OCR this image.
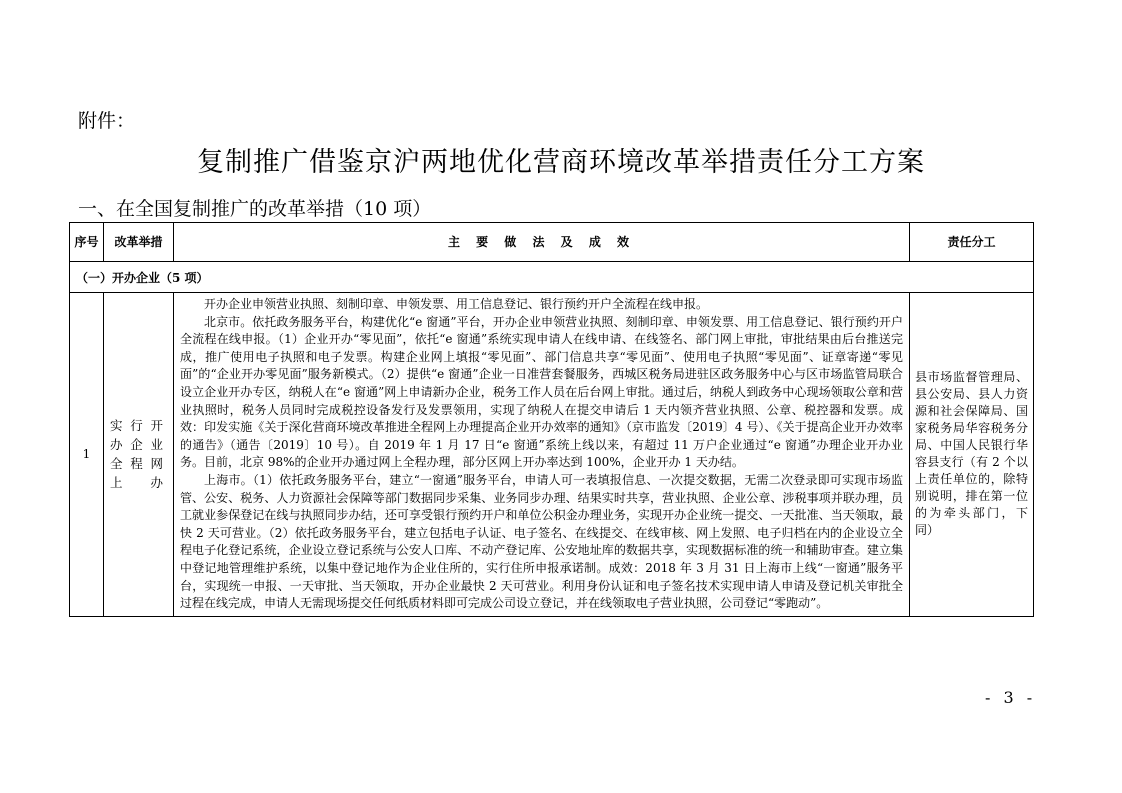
附件：
复制推广借鉴京沪两地优化营商环境改革举措责任分工方案
一、在全国复制推广的改革举措（10 项）
序号	改革举措	主 要 做 法 及 成 效	责任分工
（一）开办企业（5 项）			
1	实行开办企业全程网上办	开办企业申领营业执照、刻制印章、申领发票、用工信息登记、银行预约开户全流程在线申报。

北京市。依托政务服务平台，构建优化“e 窗通”平台，开办企业申领营业执照、刻制印章、申领发票、用工信息登记、银行预约开户全流程在线申报。（1）企业开办“零见面”，依托“e 窗通”系统实现申请人在线申请、在线签名、部门网上审批，审批结果由后台推送完成，推广使用电子执照和电子发票。构建企业网上填报“零见面”、部门信息共享“零见面”、使用电子执照“零见面”、证章寄递“零见面”的“企业开办零见面”服务新模式。（2）提供“e 窗通”企业一日准营套餐服务，西城区税务局进驻区政务服务中心与区市场监管局联合设立企业开办专区，纳税人在“e 窗通”网上申请新办企业，税务工作人员在后台网上审批。通过后，纳税人到政务中心现场领取公章和营业执照时，税务人员同时完成税控设备发行及发票领用，实现了纳税人在提交申请后 1 天内领齐营业执照、公章、税控器和发票。成效：印发实施《关于深化营商环境改革推进全程网上办理提高企业开办效率的通知》（京市监发〔2019〕4 号）、《关于提高企业开办效率的通告》（通告〔2019〕10 号）。自 2019 年 1 月 17 日“e 窗通”系统上线以来，有超过 11 万户企业通过“e 窗通”办理企业开办业务。目前，北京 98%的企业开办通过网上全程办理，部分区网上开办率达到 100%，企业开办 1 天办结。

上海市。（1）依托政务服务平台，建立“一窗通”服务平台，申请人可一表填报信息、一次提交数据，无需二次登录即可实现市场监管、公安、税务、人力资源社会保障等部门数据同步采集、业务同步办理、结果实时共享，营业执照、企业公章、涉税事项并联办理，员工就业参保登记在线与执照同步办结，还可享受银行预约开户和单位公积金办理业务，实现开办企业统一提交、一天批准、当天领取，最快 2 天可营业。（2）依托政务服务平台，建立包括电子认证、电子签名、在线提交、在线审核、网上发照、电子归档在内的企业设立全程电子化登记系统，企业设立登记系统与公安人口库、不动产登记库、公安地址库的数据共享，实现数据标准的统一和辅助审查。建立集中登记地管理维护系统，以集中登记地作为企业住所的，实行住所申报承诺制。成效：2018 年 3 月 31 日上海市上线“一窗通”服务平台，实现统一申报、一天审批、当天领取，开办企业最快 2 天可营业。利用身份认证和电子签名技术实现申请人申请及登记机关审批全过程在线完成，申请人无需现场提交任何纸质材料即可完成公司设立登记，并在线领取电子营业执照，公司登记“零跑动”。	县市场监督管理局、县公安局、县人力资源和社会保障局、国家税务局华容税务分局、中国人民银行华容县支行（有 2 个以上责任单位的，除特别说明，排在第一位的为牵头部门，下同）
- 3 -
